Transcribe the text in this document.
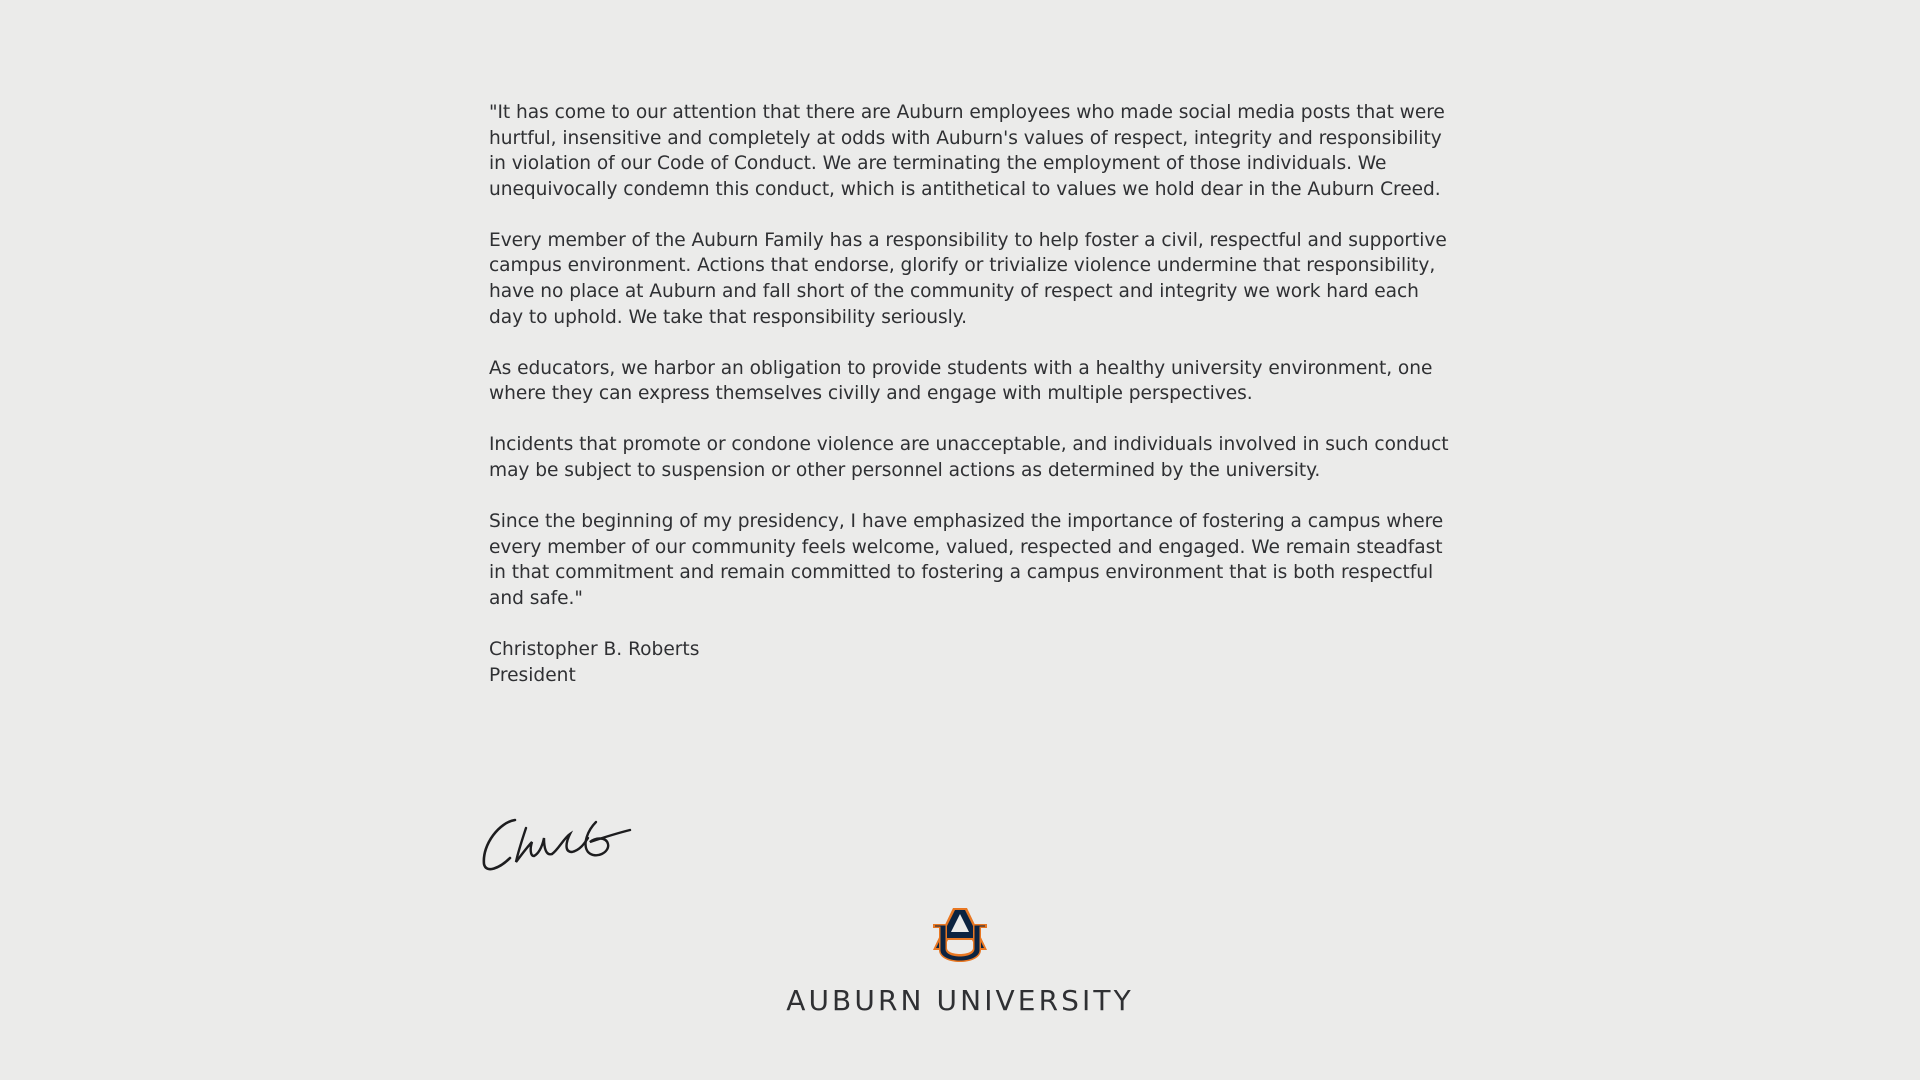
"It has come to our attention that there are Auburn employees who made social media posts that were hurtful, insensitive and completely at odds with Auburn's values of respect, integrity and responsibility in violation of our Code of Conduct. We are terminating the employment of those individuals. We unequivocally condemn this conduct, which is antithetical to values we hold dear in the Auburn Creed.

Every member of the Auburn Family has a responsibility to help foster a civil, respectful and supportive campus environment. Actions that endorse, glorify or trivialize violence undermine that responsibility, have no place at Auburn and fall short of the community of respect and integrity we work hard each day to uphold. We take that responsibility seriously.

As educators, we harbor an obligation to provide students with a healthy university environment, one where they can express themselves civilly and engage with multiple perspectives.

Incidents that promote or condone violence are unacceptable, and individuals involved in such conduct may be subject to suspension or other personnel actions as determined by the university.

Since the beginning of my presidency, I have emphasized the importance of fostering a campus where every member of our community feels welcome, valued, respected and engaged. We remain steadfast in that commitment and remain committed to fostering a campus environment that is both respectful and safe."

Christopher B. Roberts
President
AUBURN UNIVERSITY
